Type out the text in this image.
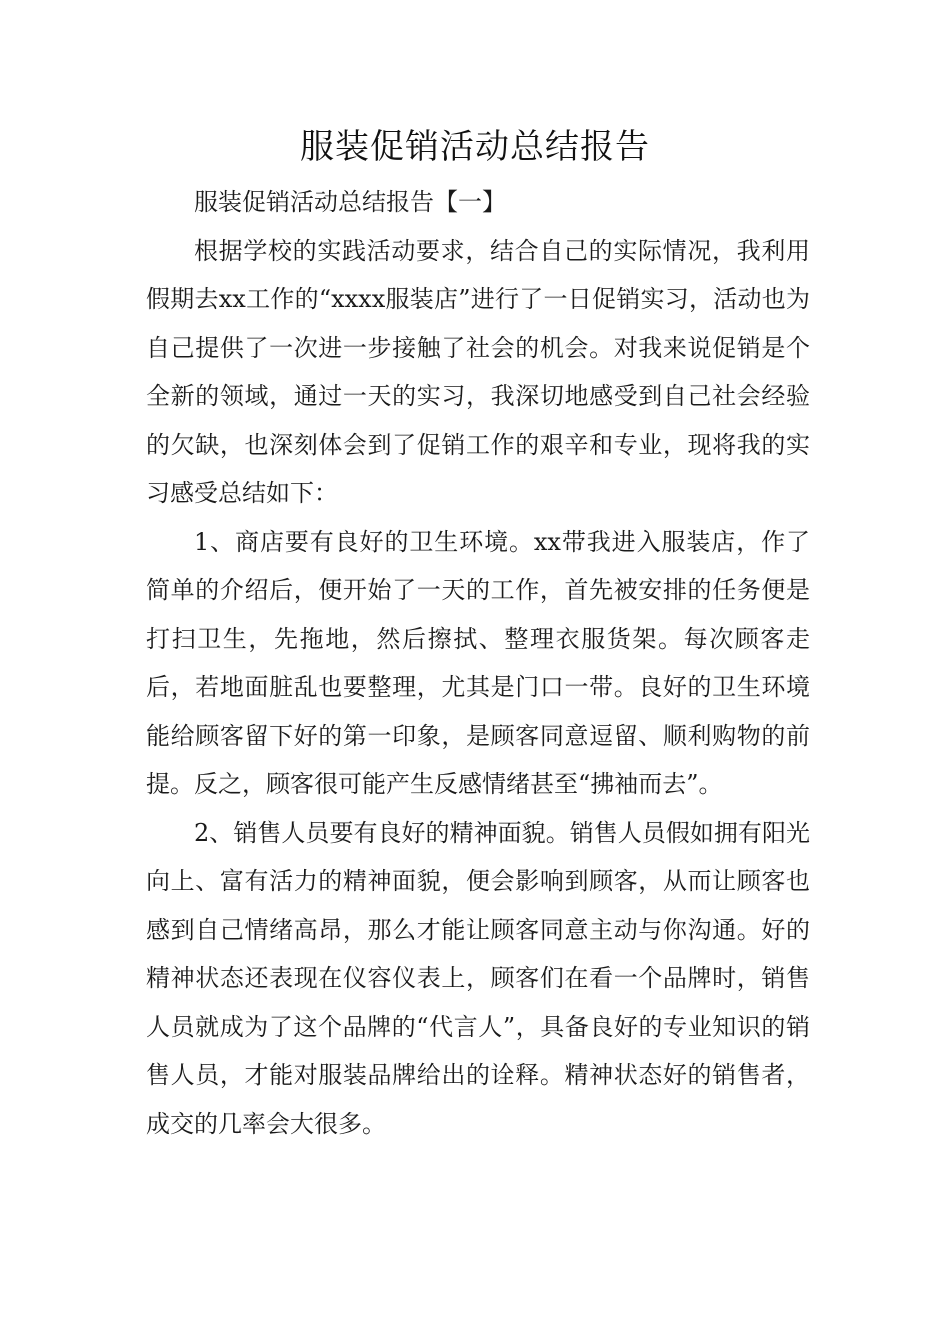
服装促销活动总结报告

服装促销活动总结报告【一】

根据学校的实践活动要求，结合自己的实际情况，我利用假期去xx工作的“xxxx服装店”进行了一日促销实习，活动也为自己提供了一次进一步接触了社会的机会。对我来说促销是个全新的领域，通过一天的实习，我深切地感受到自己社会经验的欠缺，也深刻体会到了促销工作的艰辛和专业，现将我的实习感受总结如下：

1、商店要有良好的卫生环境。xx带我进入服装店，作了简单的介绍后，便开始了一天的工作，首先被安排的任务便是打扫卫生，先拖地，然后擦拭、整理衣服货架。每次顾客走后，若地面脏乱也要整理，尤其是门口一带。良好的卫生环境能给顾客留下好的第一印象，是顾客同意逗留、顺利购物的前提。反之，顾客很可能产生反感情绪甚至“拂袖而去”。

2、销售人员要有良好的精神面貌。销售人员假如拥有阳光向上、富有活力的精神面貌，便会影响到顾客，从而让顾客也感到自己情绪高昂，那么才能让顾客同意主动与你沟通。好的精神状态还表现在仪容仪表上，顾客们在看一个品牌时，销售人员就成为了这个品牌的“代言人”，具备良好的专业知识的销售人员，才能对服装品牌给出的诠释。精神状态好的销售者，成交的几率会大很多。
